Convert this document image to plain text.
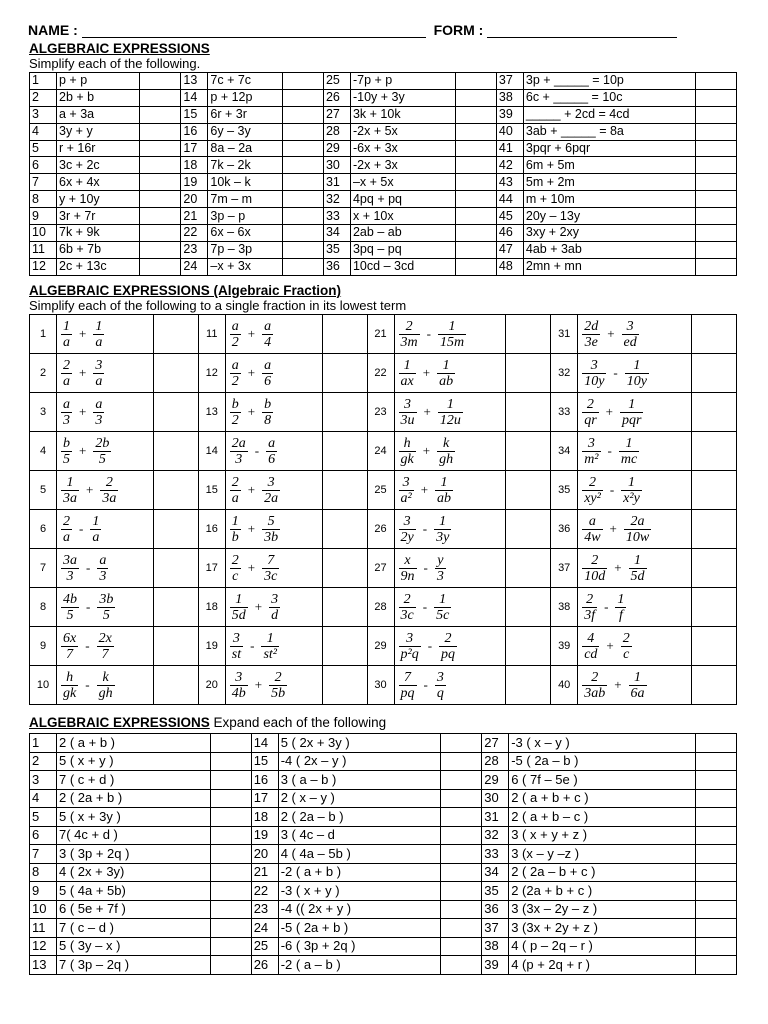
NAME :	FORM :
ALGEBRAIC EXPRESSIONS
Simplify each of the following.
1	p + p		13	7c + 7c		25	-7p + p		37	3p + _____ = 10p	
2	2b + b		14	p + 12p		26	-10y + 3y		38	6c + _____ = 10c	
3	a + 3a		15	6r + 3r		27	3k + 10k		39	_____ + 2cd = 4cd	
4	3y + y		16	6y – 3y		28	-2x + 5x		40	3ab + _____ = 8a	
5	r + 16r		17	8a – 2a		29	-6x + 3x		41	3pqr + 6pqr	
6	3c + 2c		18	7k – 2k		30	-2x + 3x		42	6m + 5m	
7	6x + 4x		19	10k – k		31	–x + 5x		43	5m + 2m	
8	y + 10y		20	7m – m		32	4pq + pq		44	m + 10m	
9	3r + 7r		21	3p – p		33	x + 10x		45	20y – 13y	
10	7k + 9k		22	6x – 6x		34	2ab – ab		46	3xy + 2xy	
11	6b + 7b		23	7p – 3p		35	3pq – pq		47	4ab + 3ab	
12	2c + 13c		24	–x + 3x		36	10cd – 3cd		48	2mn + mn	
ALGEBRAIC EXPRESSIONS (Algebraic Fraction)
Simplify each of the following to a single fraction in its lowest term
1	$\frac{1}{a} + \frac{1}{a}$		11	$\frac{a}{2} + \frac{a}{4}$		21	$\frac{2}{3m} - \frac{1}{15m}$		31	$\frac{2d}{3e} + \frac{3}{ed}$

2	$\frac{2}{a} + \frac{3}{a}$		12	$\frac{a}{2} + \frac{a}{6}$		22	$\frac{1}{ax} + \frac{1}{ab}$		32	$\frac{3}{10y} - \frac{1}{10y}$

3	$\frac{a}{3} + \frac{a}{3}$		13	$\frac{b}{2} + \frac{b}{8}$		23	$\frac{3}{3u} + \frac{1}{12u}$		33	$\frac{2}{qr} + \frac{1}{\text{pqr}}$

4	$\frac{b}{5} + \frac{2b}{5}$		14	$\frac{2a}{3} - \frac{a}{6}$		24	$\frac{h}{gk} + \frac{k}{gh}$		34	$\frac{3}{\text{m²}} - \frac{1}{mc}$

5	$\frac{1}{3a} + \frac{2}{3a}$		15	$\frac{2}{a} + \frac{3}{2a}$		25	$\frac{3}{\text{a²}} + \frac{1}{ab}$		35	$\frac{2}{\text{xy²}} - \frac{1}{\text{x²y}}$

6	$\frac{2}{a} - \frac{1}{a}$		16	$\frac{1}{b} + \frac{5}{3b}$		26	$\frac{3}{2y} - \frac{1}{3y}$		36	$\frac{a}{4w} + \frac{2a}{10w}$

7	$\frac{3a}{3} - \frac{a}{3}$		17	$\frac{2}{c} + \frac{7}{3c}$		27	$\frac{x}{9n} - \frac{y}{3}$		37	$\frac{2}{10d} + \frac{1}{5d}$

8	$\frac{4b}{5} - \frac{3b}{5}$		18	$\frac{1}{5d} + \frac{3}{d}$		28	$\frac{2}{3c} - \frac{1}{5c}$		38	$\frac{2}{3f} - \frac{1}{f}$

9	$\frac{6x}{7} - \frac{2x}{7}$		19	$\frac{3}{st} - \frac{1}{\text{st²}}$		29	$\frac{3}{\text{p²q}} - \frac{2}{pq}$		39	$\frac{4}{cd} + \frac{2}{c}$

10	$\frac{h}{gk} - \frac{k}{gh}$		20	$\frac{3}{4b} + \frac{2}{5b}$		30	$\frac{7}{pq} - \frac{3}{q}$		40	$\frac{2}{3ab} + \frac{1}{6a}$

ALGEBRAIC EXPRESSIONS Expand each of the following
1	2 ( a + b )		14	5 ( 2x + 3y )		27	-3 ( x – y )	
2	5 ( x + y )		15	-4 ( 2x – y )		28	-5 ( 2a – b )	
3	7 ( c + d )		16	3 ( a – b )		29	6 ( 7f – 5e )	
4	2 ( 2a + b )		17	2 ( x – y )		30	2 ( a + b + c )	
5	5 ( x + 3y )		18	2 ( 2a – b )		31	2 ( a + b – c )	
6	7( 4c + d )		19	3 ( 4c – d		32	3 ( x + y + z )	
7	3 ( 3p + 2q )		20	4 ( 4a – 5b )		33	3 (x – y –z )	
8	4 ( 2x + 3y)		21	-2 ( a + b )		34	2 ( 2a – b + c )	
9	5 ( 4a + 5b)		22	-3 ( x + y )		35	2 (2a + b + c )	
10	6 ( 5e + 7f )		23	-4 (( 2x + y )		36	3 (3x – 2y – z )	
11	7 ( c – d )		24	-5 ( 2a + b )		37	3 (3x + 2y + z )	
12	5 ( 3y – x )		25	-6 ( 3p + 2q )		38	4 ( p – 2q – r )	
13	7 ( 3p – 2q )		26	-2 ( a – b )		39	4 (p + 2q + r )	
